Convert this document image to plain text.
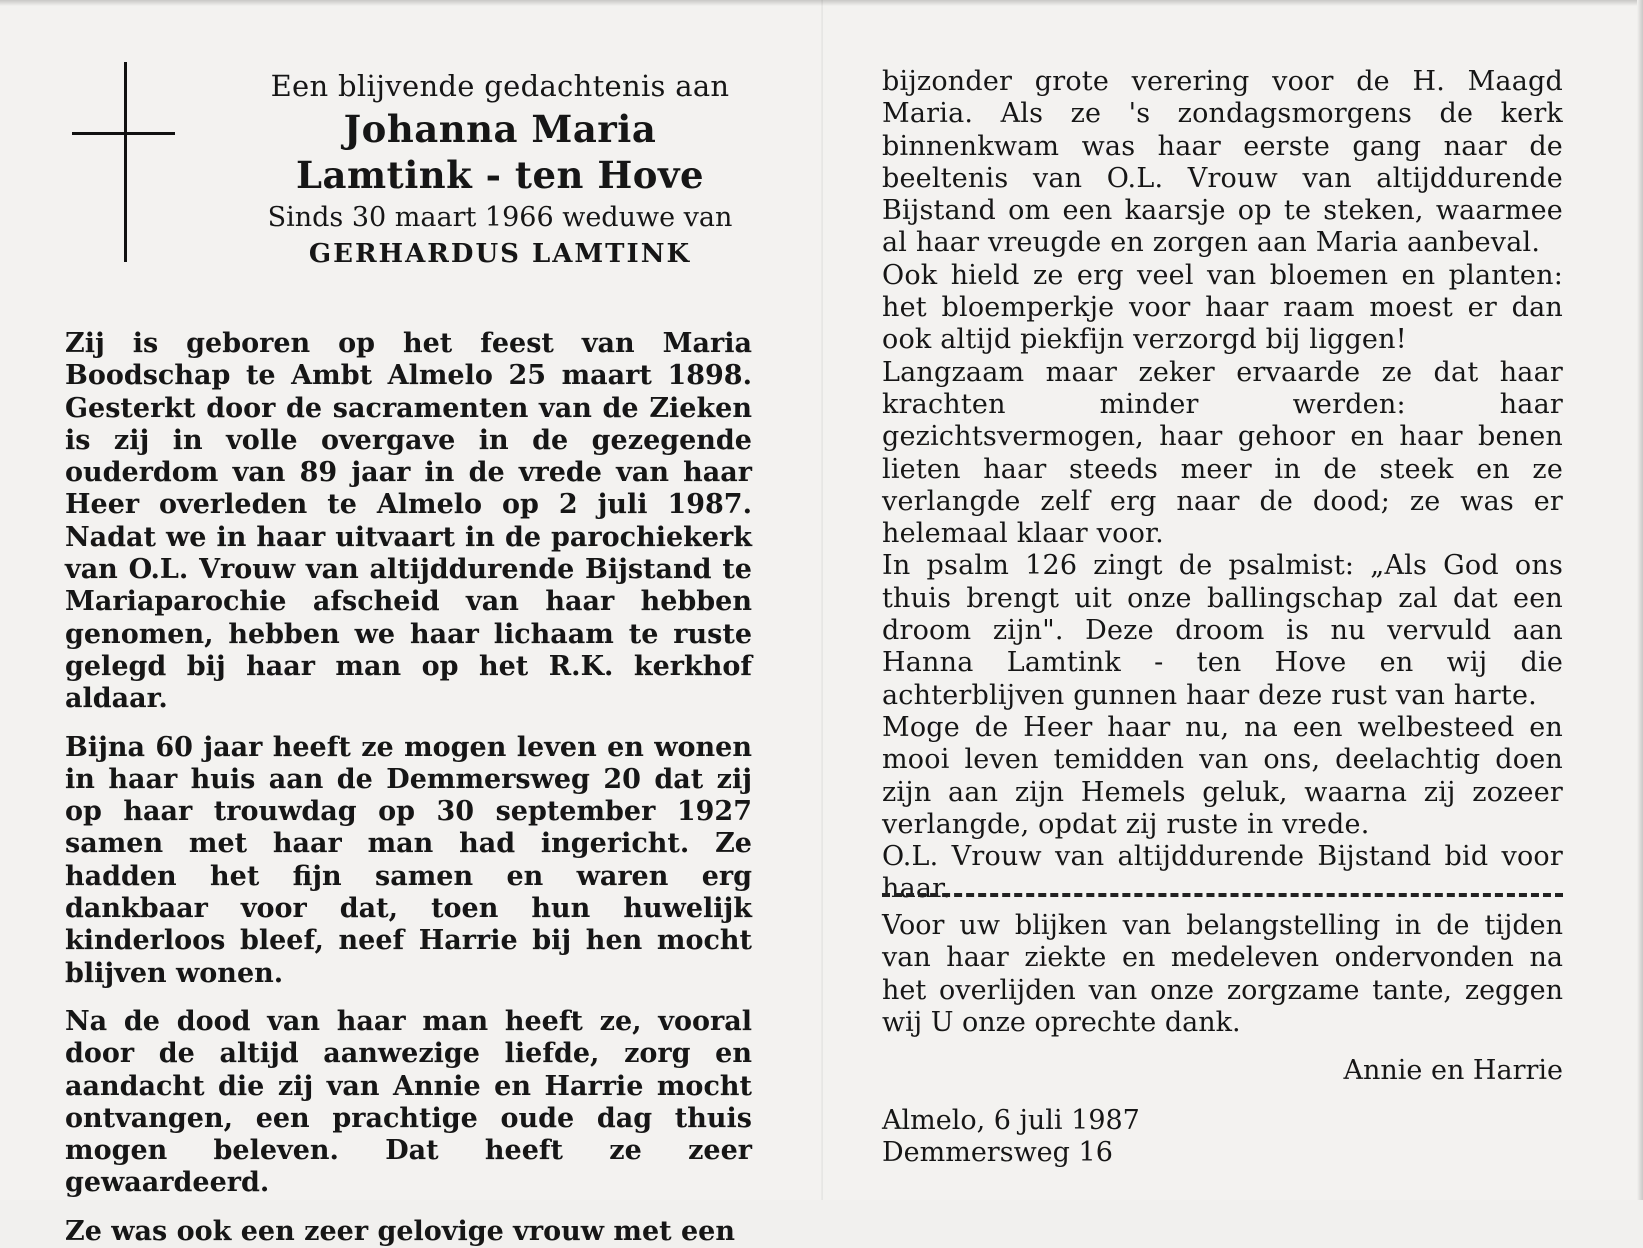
Een blijvende gedachtenis aan
Johanna Maria
Lamtink - ten Hove
Sinds 30 maart 1966 weduwe van
GERHARDUS LAMTINK

Zij is geboren op het feest van Maria Boodschap te Ambt Almelo 25 maart 1898. Gesterkt door de sacramenten van de Zieken is zij in volle overgave in de gezegende ouderdom van 89 jaar in de vrede van haar Heer overleden te Almelo op 2 juli 1987. Nadat we in haar uitvaart in de parochiekerk van O.L. Vrouw van altijddurende Bijstand te Mariaparochie afscheid van haar hebben genomen, hebben we haar lichaam te ruste gelegd bij haar man op het R.K. kerkhof aldaar.

Bijna 60 jaar heeft ze mogen leven en wonen in haar huis aan de Demmersweg 20 dat zij op haar trouwdag op 30 september 1927 samen met haar man had ingericht. Ze hadden het fijn samen en waren erg dankbaar voor dat, toen hun huwelijk kinderloos bleef, neef Harrie bij hen mocht blijven wonen.

Na de dood van haar man heeft ze, vooral door de altijd aanwezige liefde, zorg en aandacht die zij van Annie en Harrie mocht ontvangen, een prachtige oude dag thuis mogen beleven. Dat heeft ze zeer gewaardeerd.

Ze was ook een zeer gelovige vrouw met een

bijzonder grote verering voor de H. Maagd Maria. Als ze 's zondagsmorgens de kerk binnenkwam was haar eerste gang naar de beeltenis van O.L. Vrouw van altijddurende Bijstand om een kaarsje op te steken, waarmee al haar vreugde en zorgen aan Maria aanbeval.

Ook hield ze erg veel van bloemen en planten: het bloemperkje voor haar raam moest er dan ook altijd piekfijn verzorgd bij liggen!

Langzaam maar zeker ervaarde ze dat haar krachten minder werden: haar gezichtsvermogen, haar gehoor en haar benen lieten haar steeds meer in de steek en ze verlangde zelf erg naar de dood; ze was er helemaal klaar voor.

In psalm 126 zingt de psalmist: „Als God ons thuis brengt uit onze ballingschap zal dat een droom zijn". Deze droom is nu vervuld aan Hanna Lamtink - ten Hove en wij die achterblijven gunnen haar deze rust van harte.

Moge de Heer haar nu, na een welbesteed en mooi leven temidden van ons, deelachtig doen zijn aan zijn Hemels geluk, waarna zij zozeer verlangde, opdat zij ruste in vrede.

O.L. Vrouw van altijddurende Bijstand bid voor haar.

Voor uw blijken van belangstelling in de tijden van haar ziekte en medeleven ondervonden na het overlijden van onze zorgzame tante, zeggen wij U onze oprechte dank.

Annie en Harrie
Almelo, 6 juli 1987
Demmersweg 16
